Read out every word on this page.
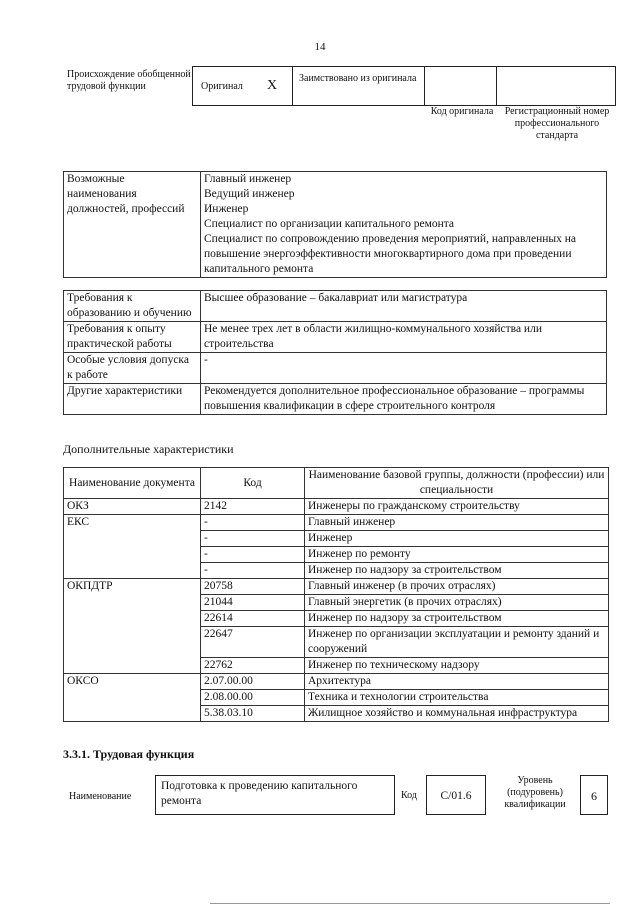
14
Происхождение обобщенной трудовой функции	Оригинал X	Заимствовано из оригинала
Код оригинала	Регистрационный номер профессионального стандарта
Возможные наименования должностей, профессий	
Главный инженер
Ведущий инженер
Инженер
Специалист по организации капитального ремонта
Специалист по сопровождению проведения мероприятий, направленных на повышение энергоэффективности многоквартирного дома при проведении капитального ремонта
Требования к образованию и обучению	Высшее образование – бакалавриат или магистратура
Требования к опыту практической работы	Не менее трех лет в области жилищно-коммунального хозяйства или строительства
Особые условия допуска к работе	-
Другие характеристики	Рекомендуется дополнительное профессиональное образование – программы повышения квалификации в сфере строительного контроля
Дополнительные характеристики
Наименование документа	Код	Наименование базовой группы, должности (профессии) или специальности
ОКЗ	2142	Инженеры по гражданскому строительству
ЕКС	-	Главный инженер
	-	Инженер
	-	Инженер по ремонту
	-	Инженер по надзору за строительством
ОКПДТР	20758	Главный инженер (в прочих отраслях)
	21044	Главный энергетик (в прочих отраслях)
	22614	Инженер по надзору за строительством
	22647	Инженер по организации эксплуатации и ремонту зданий и сооружений
	22762	Инженер по техническому надзору
ОКСО	2.07.00.00	Архитектура
	2.08.00.00	Техника и технологии строительства
	5.38.03.10	Жилищное хозяйство и коммунальная инфраструктура
3.3.1. Трудовая функция
Наименование
Подготовка к проведению капитального ремонта	Код	C/01.6
Уровень (подуровень) квалификации
6
